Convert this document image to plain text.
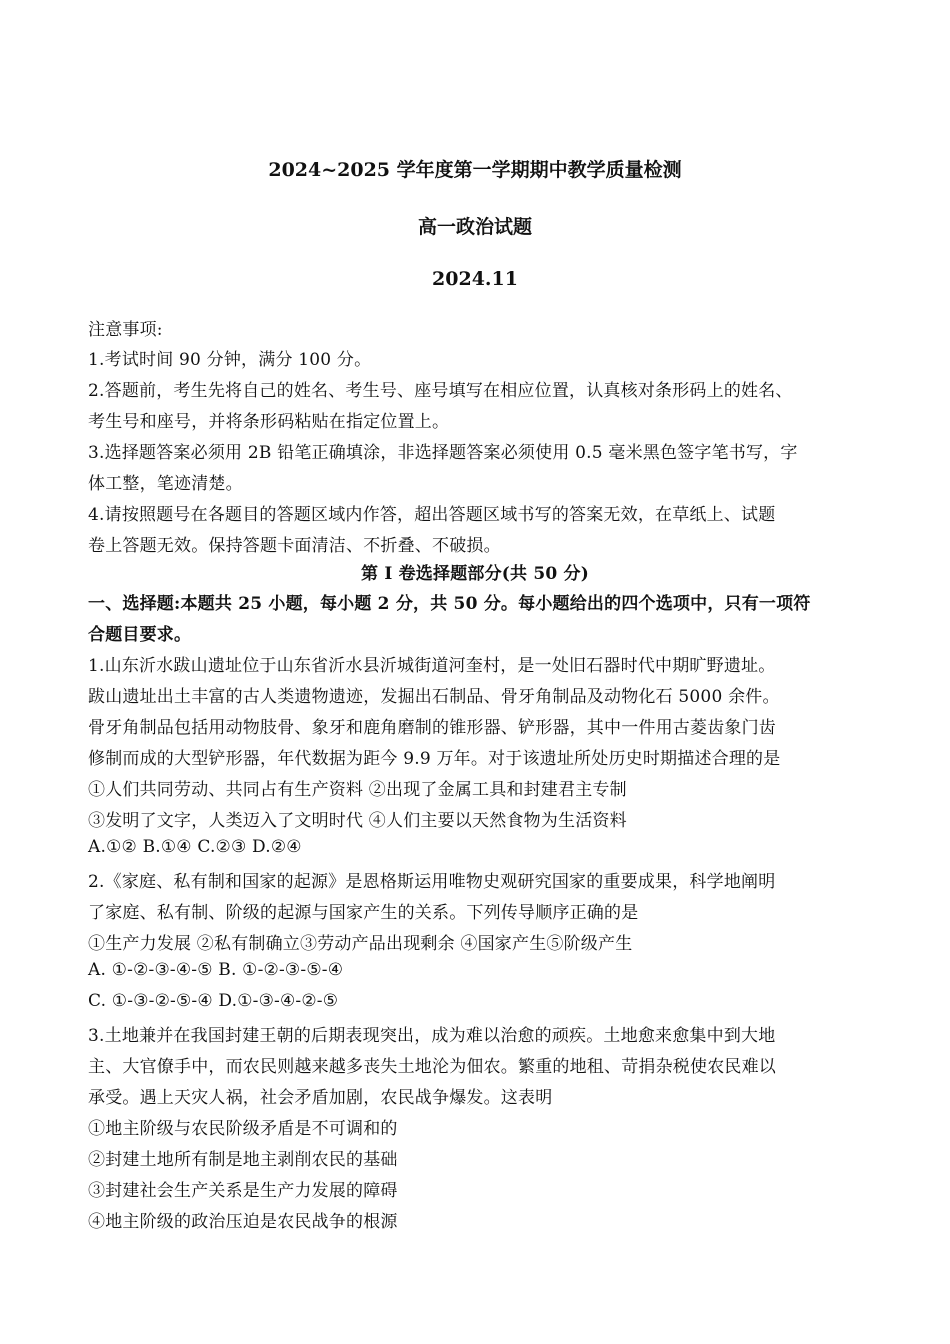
2024~2025 学年度第一学期期中教学质量检测
高一政治试题
2024.11
注意事项:
1.考试时间 90 分钟，满分 100 分。
2.答题前，考生先将自己的姓名、考生号、座号填写在相应位置，认真核对条形码上的姓名、
考生号和座号，并将条形码粘贴在指定位置上。
3.选择题答案必须用 2B 铅笔正确填涂，非选择题答案必须使用 0.5 毫米黑色签字笔书写，字
体工整，笔迹清楚。
4.请按照题号在各题目的答题区域内作答，超出答题区域书写的答案无效，在草纸上、试题
卷上答题无效。保持答题卡面清洁、不折叠、不破损。
第 I 卷选择题部分(共 50 分)
一、选择题:本题共 25 小题，每小题 2 分，共 50 分。每小题给出的四个选项中，只有一项符
合题目要求。
1.山东沂水跋山遗址位于山东省沂水县沂城街道河奎村，是一处旧石器时代中期旷野遗址。
跋山遗址出土丰富的古人类遗物遗迹，发掘出石制品、骨牙角制品及动物化石 5000 余件。
骨牙角制品包括用动物肢骨、象牙和鹿角磨制的锥形器、铲形器，其中一件用古菱齿象门齿
修制而成的大型铲形器，年代数据为距今 9.9 万年。对于该遗址所处历史时期描述合理的是
①人们共同劳动、共同占有生产资料 ②出现了金属工具和封建君主专制
③发明了文字，人类迈入了文明时代 ④人们主要以天然食物为生活资料
A.①② B.①④ C.②③ D.②④
2.《家庭、私有制和国家的起源》是恩格斯运用唯物史观研究国家的重要成果，科学地阐明
了家庭、私有制、阶级的起源与国家产生的关系。下列传导顺序正确的是
①生产力发展 ②私有制确立③劳动产品出现剩余 ④国家产生⑤阶级产生
A. ①-②-③-④-⑤ B. ①-②-③-⑤-④
C. ①-③-②-⑤-④ D.①-③-④-②-⑤
3.土地兼并在我国封建王朝的后期表现突出，成为难以治愈的顽疾。土地愈来愈集中到大地
主、大官僚手中，而农民则越来越多丧失土地沦为佃农。繁重的地租、苛捐杂税使农民难以
承受。遇上天灾人祸，社会矛盾加剧，农民战争爆发。这表明
①地主阶级与农民阶级矛盾是不可调和的
②封建土地所有制是地主剥削农民的基础
③封建社会生产关系是生产力发展的障碍
④地主阶级的政治压迫是农民战争的根源
